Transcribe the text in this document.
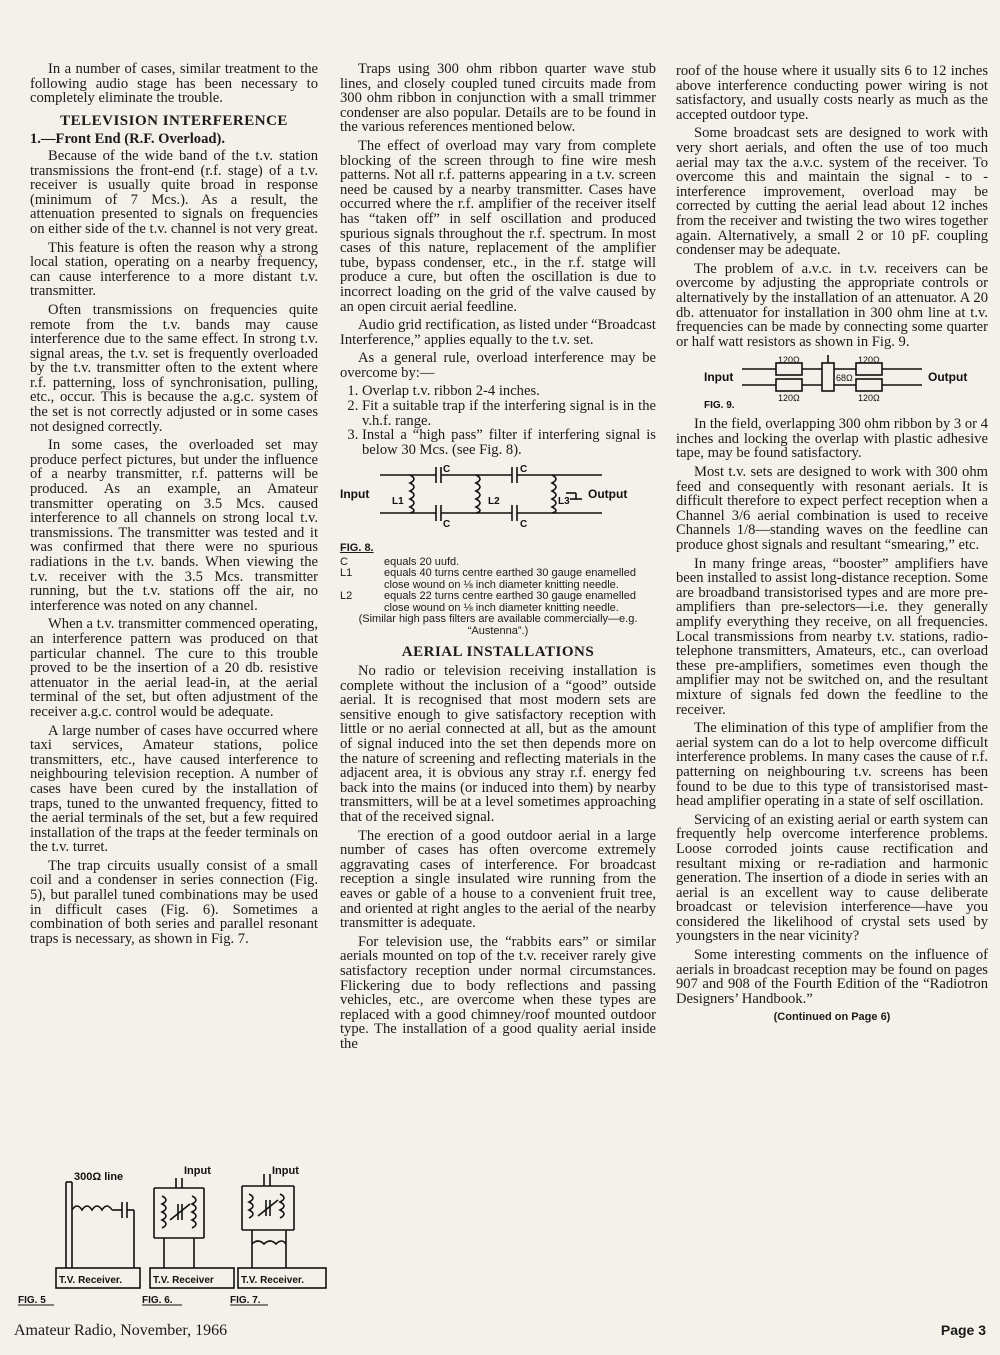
In a number of cases, similar treatment to the following audio stage has been necessary to completely eliminate the trouble.

TELEVISION INTERFERENCE
1.—Front End (R.F. Overload).

Because of the wide band of the t.v. station transmissions the front-end (r.f. stage) of a t.v. receiver is usually quite broad in response (minimum of 7 Mcs.). As a result, the attenuation presented to signals on frequencies on either side of the t.v. channel is not very great.

This feature is often the reason why a strong local station, operating on a nearby frequency, can cause interference to a more distant t.v. transmitter.

Often transmissions on frequencies quite remote from the t.v. bands may cause interference due to the same effect. In strong t.v. signal areas, the t.v. set is frequently overloaded by the t.v. transmitter often to the extent where r.f. patterning, loss of synchronisation, pulling, etc., occur. This is because the a.g.c. system of the set is not correctly adjusted or in some cases not designed correctly.

In some cases, the overloaded set may produce perfect pictures, but under the influence of a nearby transmitter, r.f. patterns will be produced. As an example, an Amateur transmitter operating on 3.5 Mcs. caused interference to all channels on strong local t.v. transmissions. The transmitter was tested and it was confirmed that there were no spurious radiations in the t.v. bands. When viewing the t.v. receiver with the 3.5 Mcs. transmitter running, but the t.v. stations off the air, no interference was noted on any channel.

When a t.v. transmitter commenced operating, an interference pattern was produced on that particular channel. The cure to this trouble proved to be the insertion of a 20 db. resistive attenuator in the aerial lead-in, at the aerial terminal of the set, but often adjustment of the receiver a.g.c. control would be adequate.

A large number of cases have occurred where taxi services, Amateur stations, police transmitters, etc., have caused interference to neighbouring television reception. A number of cases have been cured by the installation of traps, tuned to the unwanted frequency, fitted to the aerial terminals of the set, but a few required installation of the traps at the feeder terminals on the t.v. turret.

The trap circuits usually consist of a small coil and a condenser in series connection (Fig. 5), but parallel tuned combinations may be used in difficult cases (Fig. 6). Sometimes a combination of both series and parallel resonant traps is necessary, as shown in Fig. 7.

300Ω line
T.V. Receiver.
FIG. 5
Input
T.V. Receiver
FIG. 6.
Input
T.V. Receiver.
FIG. 7.

Traps using 300 ohm ribbon quarter wave stub lines, and closely coupled tuned circuits made from 300 ohm ribbon in conjunction with a small trimmer condenser are also popular. Details are to be found in the various references mentioned below.

The effect of overload may vary from complete blocking of the screen through to fine wire mesh patterns. Not all r.f. patterns appearing in a t.v. screen need be caused by a nearby transmitter. Cases have occurred where the r.f. amplifier of the receiver itself has “taken off” in self oscillation and produced spurious signals throughout the r.f. spectrum. In most cases of this nature, replacement of the amplifier tube, bypass condenser, etc., in the r.f. statge will produce a cure, but often the oscillation is due to incorrect loading on the grid of the valve caused by an open circuit aerial feedline.

Audio grid rectification, as listed under “Broadcast Interference,” applies equally to the t.v. set.

As a general rule, overload interference may be overcome by:—

1. Overlap t.v. ribbon 2-4 inches.
2. Fit a suitable trap if the interfering signal is in the v.h.f. range.
3. Instal a “high pass” filter if interfering signal is below 30 Mcs. (see Fig. 8).
Input	Output
C	C
C	C
L1	L2	L3
FIG. 8.
C	equals 20 uufd.
L1	equals 40 turns centre earthed 30 gauge enamelled close wound on ⅛ inch diameter knitting needle.
L2	equals 22 turns centre earthed 30 gauge enamelled close wound on ⅛ inch diameter knitting needle.
(Similar high pass filters are available commercially—e.g. “Austenna”.)
AERIAL INSTALLATIONS

No radio or television receiving installation is complete without the inclusion of a “good” outside aerial. It is recognised that most modern sets are sensitive enough to give satisfactory reception with little or no aerial connected at all, but as the amount of signal induced into the set then depends more on the nature of screening and reflecting materials in the adjacent area, it is obvious any stray r.f. energy fed back into the mains (or induced into them) by nearby transmitters, will be at a level sometimes approaching that of the received signal.

The erection of a good outdoor aerial in a large number of cases has often overcome extremely aggravating cases of interference. For broadcast reception a single insulated wire running from the eaves or gable of a house to a convenient fruit tree, and oriented at right angles to the aerial of the nearby transmitter is adequate.

For television use, the “rabbits ears” or similar aerials mounted on top of the t.v. receiver rarely give satisfactory reception under normal circumstances. Flickering due to body reflections and passing vehicles, etc., are overcome when these types are replaced with a good chimney/roof mounted outdoor type. The installation of a good quality aerial inside the

roof of the house where it usually sits 6 to 12 inches above interference conducting power wiring is not satisfactory, and usually costs nearly as much as the accepted outdoor type.

Some broadcast sets are designed to work with very short aerials, and often the use of too much aerial may tax the a.v.c. system of the receiver. To overcome this and maintain the signal - to - interference improvement, overload may be corrected by cutting the aerial lead about 12 inches from the receiver and twisting the two wires together again. Alternatively, a small 2 or 10 pF. coupling condenser may be adequate.

The problem of a.v.c. in t.v. receivers can be overcome by adjusting the appropriate controls or alternatively by the installation of an attenuator. A 20 db. attenuator for installation in 300 ohm line at t.v. frequencies can be made by connecting some quarter or half watt resistors as shown in Fig. 9.

Input	Output
120Ω
120Ω
68Ω
120Ω
120Ω
FIG. 9.

In the field, overlapping 300 ohm ribbon by 3 or 4 inches and locking the overlap with plastic adhesive tape, may be found satisfactory.

Most t.v. sets are designed to work with 300 ohm feed and consequently with resonant aerials. It is difficult therefore to expect perfect reception when a Channel 3/6 aerial combination is used to receive Channels 1/8—standing waves on the feedline can produce ghost signals and resultant “smearing,” etc.

In many fringe areas, “booster” amplifiers have been installed to assist long-distance reception. Some are broadband transistorised types and are more pre-amplifiers than pre-selectors—i.e. they generally amplify everything they receive, on all frequencies. Local transmissions from nearby t.v. stations, radio-telephone transmitters, Amateurs, etc., can overload these pre-amplifiers, sometimes even though the amplifier may not be switched on, and the resultant mixture of signals fed down the feedline to the receiver.

The elimination of this type of amplifier from the aerial system can do a lot to help overcome difficult interference problems. In many cases the cause of r.f. patterning on neighbouring t.v. screens has been found to be due to this type of transistorised mast-head amplifier operating in a state of self oscillation.

Servicing of an existing aerial or earth system can frequently help overcome interference problems. Loose corroded joints cause rectification and resultant mixing or re-radiation and harmonic generation. The insertion of a diode in series with an aerial is an excellent way to cause deliberate broadcast or television interference—have you considered the likelihood of crystal sets used by youngsters in the near vicinity?

Some interesting comments on the influence of aerials in broadcast reception may be found on pages 907 and 908 of the Fourth Edition of the “Radiotron Designers’ Handbook.”

(Continued on Page 6)
Amateur Radio, November, 1966	Page 3
